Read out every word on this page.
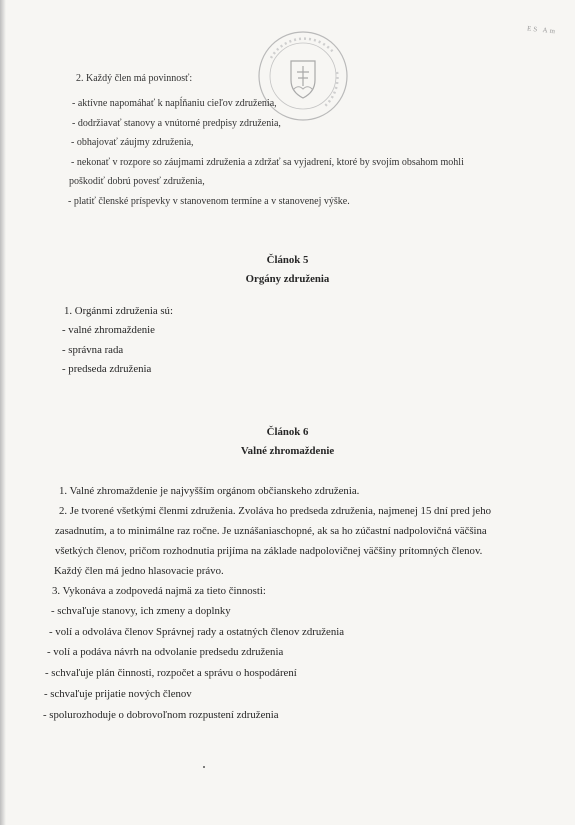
ES Am
2. Každý člen má povinnosť:
- aktívne napomáhať k napĺňaniu cieľov združenia,
- dodržiavať stanovy a vnútorné predpisy združenia,
- obhajovať záujmy združenia,
- nekonať v rozpore so záujmami združenia a zdržať sa vyjadrení, ktoré by svojím obsahom mohli
poškodiť dobrú povesť združenia,
- platiť členské príspevky v stanovenom termíne a v stanovenej výške.
Článok 5
Orgány združenia
1. Orgánmi združenia sú:
- valné zhromaždenie
- správna rada
- predseda združenia
Článok 6
Valné zhromaždenie
1. Valné zhromaždenie je najvyšším orgánom občianskeho združenia.
2. Je tvorené všetkými členmi združenia. Zvoláva ho predseda združenia, najmenej 15 dní pred jeho
zasadnutím, a to minimálne raz ročne. Je uznášaniaschopné, ak sa ho zúčastní nadpolovičná väčšina
všetkých členov, pričom rozhodnutia prijíma na základe nadpolovičnej väčšiny prítomných členov.
Každý člen má jedno hlasovacie právo.
3. Vykonáva a zodpovedá najmä za tieto činnosti:
- schvaľuje stanovy, ich zmeny a doplnky
- volí a odvoláva členov Správnej rady a ostatných členov združenia
- volí a podáva návrh na odvolanie predsedu združenia
- schvaľuje plán činnosti, rozpočet a správu o hospodárení
- schvaľuje prijatie nových členov
- spolurozhoduje o dobrovoľnom rozpustení združenia
